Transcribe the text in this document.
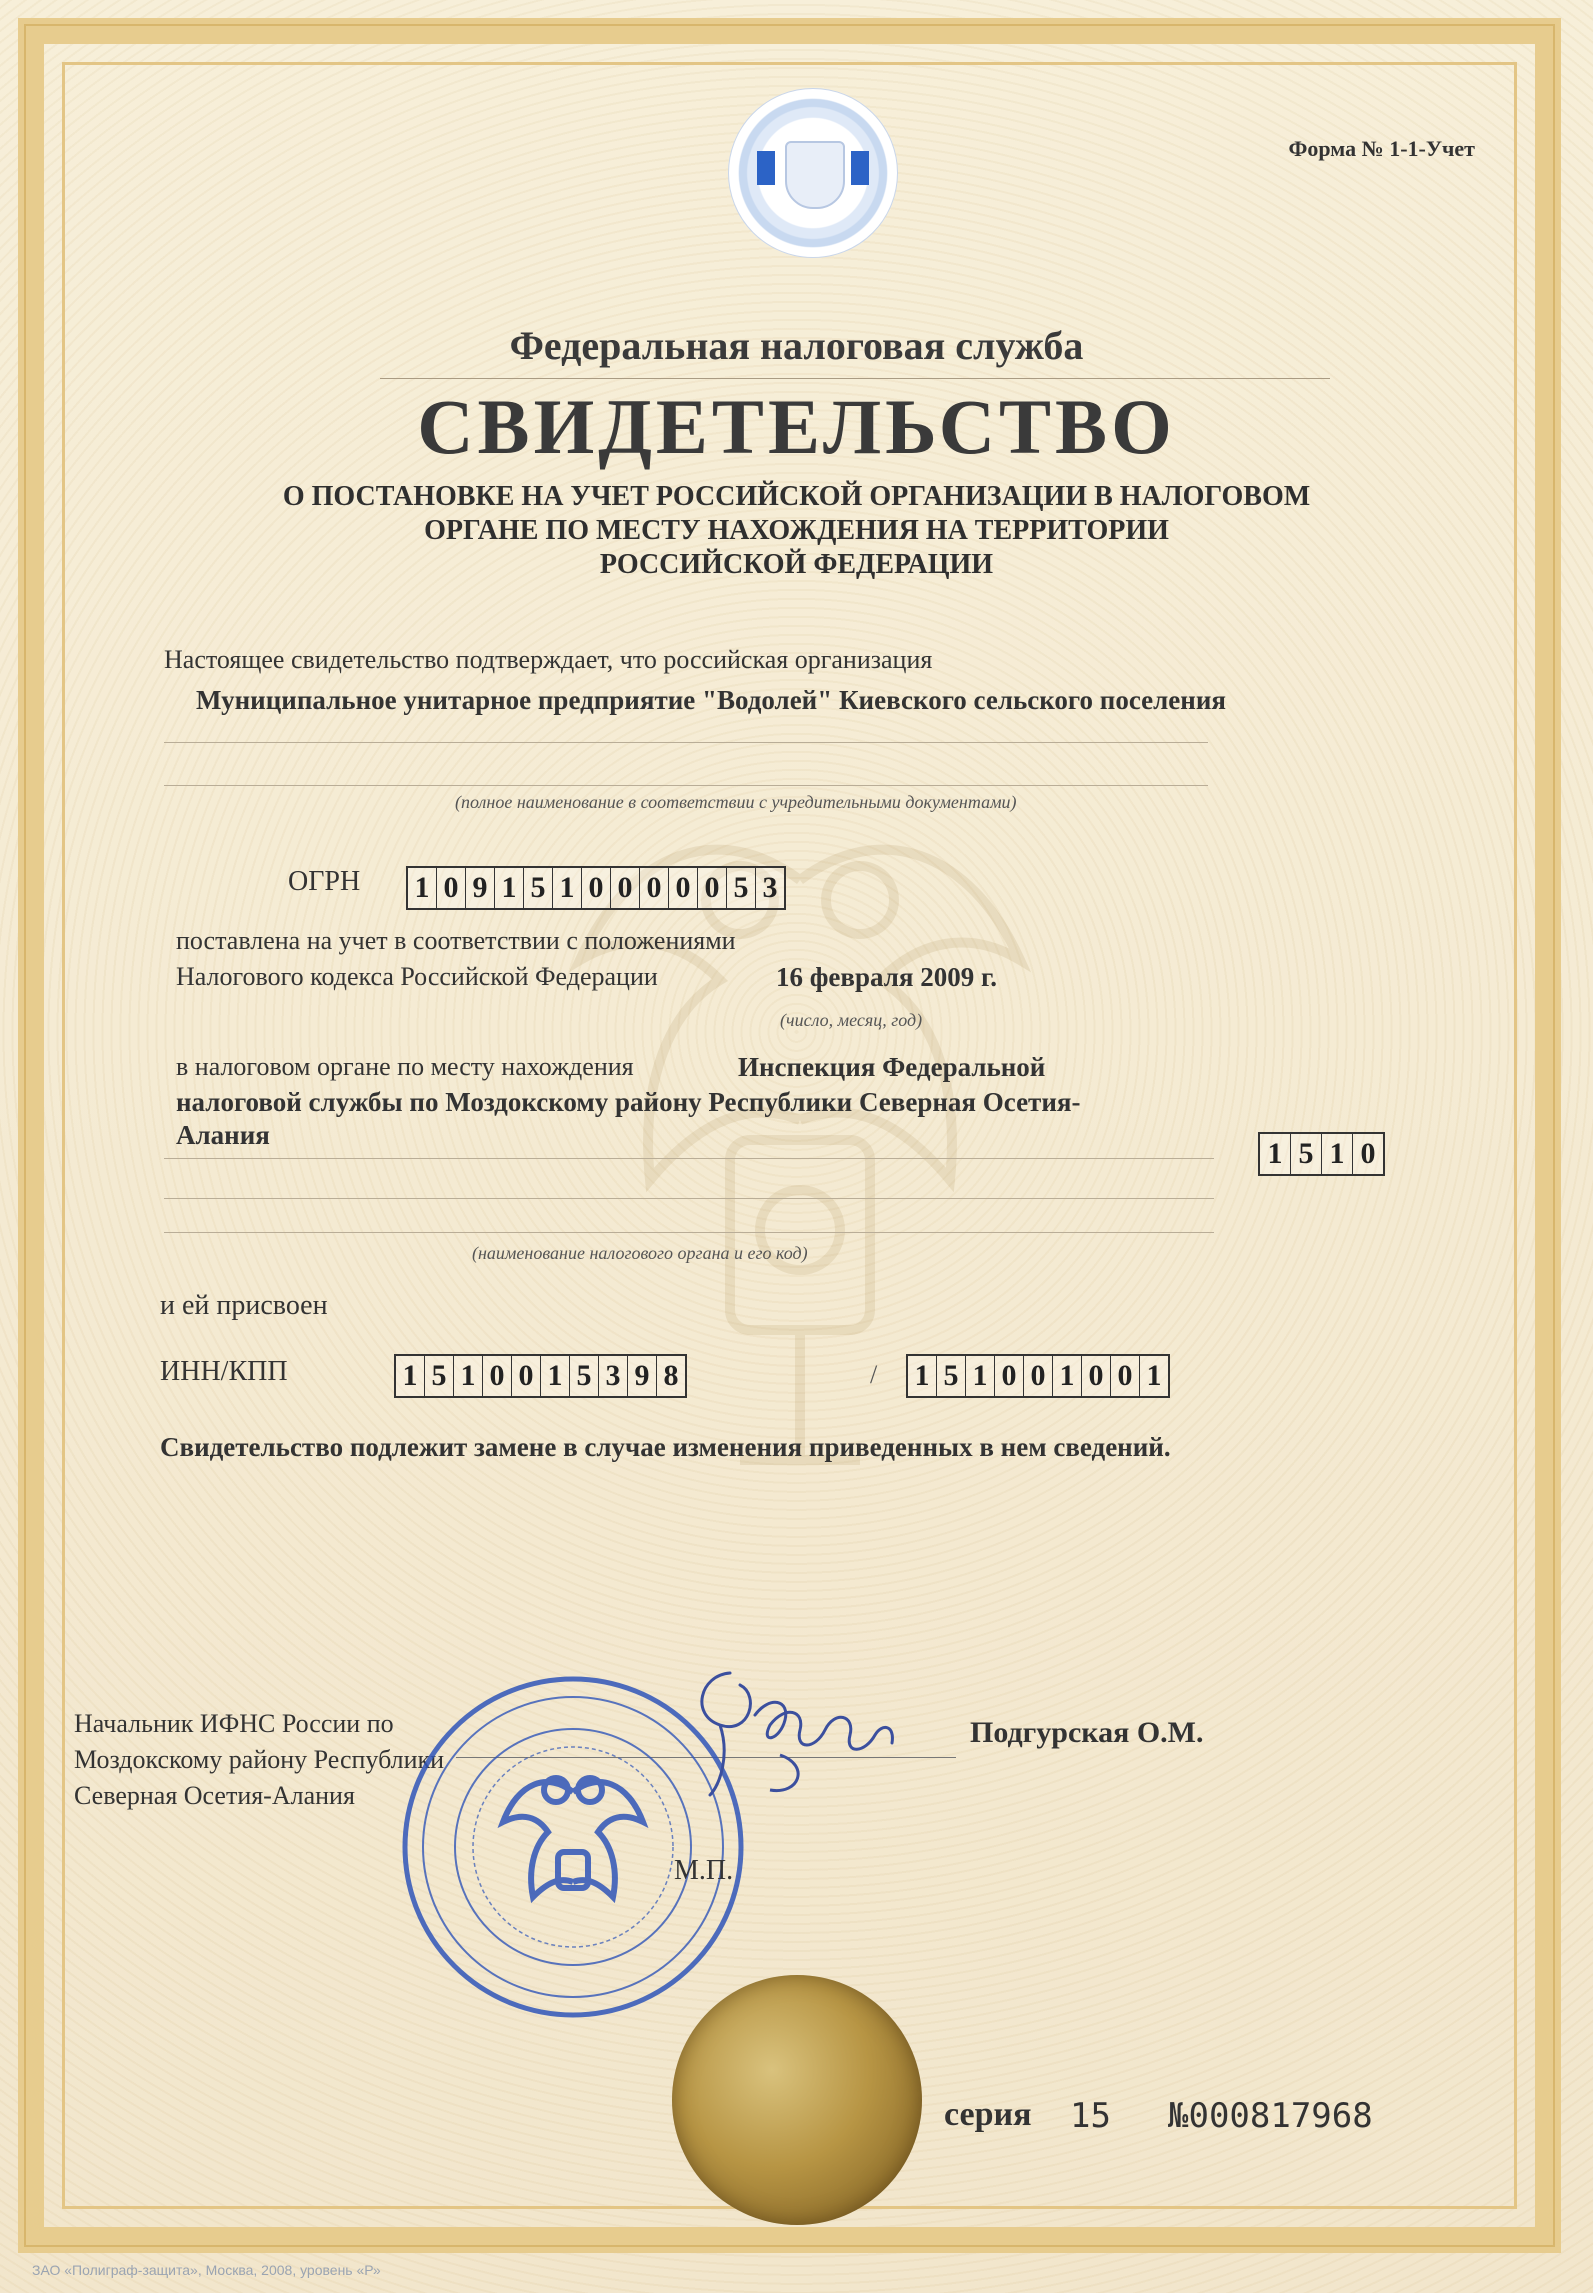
Форма № 1-1-Учет
Федеральная налоговая служба
СВИДЕТЕЛЬСТВО
О ПОСТАНОВКЕ НА УЧЕТ РОССИЙСКОЙ ОРГАНИЗАЦИИ В НАЛОГОВОМ
ОРГАНЕ ПО МЕСТУ НАХОЖДЕНИЯ НА ТЕРРИТОРИИ
РОССИЙСКОЙ ФЕДЕРАЦИИ
Настоящее свидетельство подтверждает, что российская организация
Муниципальное унитарное предприятие "Водолей" Киевского сельского поселения
(полное наименование в соответствии с учредительными документами)
ОГРН 1 0 9 1 5 1 0 0 0 0 0 5 3
поставлена на учет в соответствии с положениями
Налогового кодекса Российской Федерации	16 февраля 2009 г.
(число, месяц, год)
в налоговом органе по месту нахождения	Инспекция Федеральной
налоговой службы по Моздокскому району Республики Северная Осетия-
Алания
1 5 1 0
(наименование налогового органа и его код)
и ей присвоен
ИНН/КПП	1 5 1 0 0 1 5 3 9 8	/ 1 5 1 0 0 1 0 0 1
Свидетельство подлежит замене в случае изменения приведенных в нем сведений.
Начальник ИФНС России по
Моздокскому району Республики
Северная Осетия-Алания
Подгурская О.М.
М.П.
серия 15 №000817968
ЗАО «Полиграф-защита», Москва, 2008, уровень «Р»
